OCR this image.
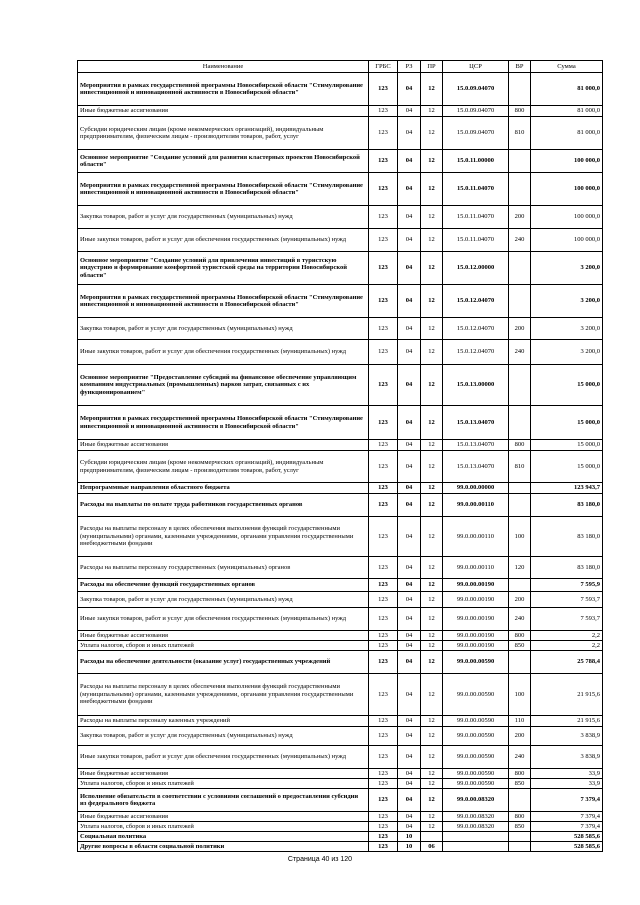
Наименование	ГРБС	РЗ	ПР	ЦСР	ВР	Сумма
Мероприятия в рамках государственной программы Новосибирской области "Стимулирование инвестиционной и инновационной активности в Новосибирской области"	123	04	12	15.0.09.04070		81 000,0
Иные бюджетные ассигнования	123	04	12	15.0.09.04070	800	81 000,0
Субсидии юридическим лицам (кроме некоммерческих организаций), индивидуальным предпринимателям, физическим лицам - производителям товаров, работ, услуг	123	04	12	15.0.09.04070	810	81 000,0
Основное мероприятие "Создание условий для развития кластерных проектов Новосибирской области"	123	04	12	15.0.11.00000		100 000,0
Мероприятия в рамках государственной программы Новосибирской области "Стимулирование инвестиционной и инновационной активности в Новосибирской области"	123	04	12	15.0.11.04070		100 000,0
Закупка товаров, работ и услуг для государственных (муниципальных) нужд	123	04	12	15.0.11.04070	200	100 000,0
Иные закупки товаров, работ и услуг для обеспечения государственных (муниципальных) нужд	123	04	12	15.0.11.04070	240	100 000,0
Основное мероприятие "Создание условий для привлечения инвестиций в туристскую индустрию и формирование комфортной туристской среды на территории Новосибирской области"	123	04	12	15.0.12.00000		3 200,0
Мероприятия в рамках государственной программы Новосибирской области "Стимулирование инвестиционной и инновационной активности в Новосибирской области"	123	04	12	15.0.12.04070		3 200,0
Закупка товаров, работ и услуг для государственных (муниципальных) нужд	123	04	12	15.0.12.04070	200	3 200,0
Иные закупки товаров, работ и услуг для обеспечения государственных (муниципальных) нужд	123	04	12	15.0.12.04070	240	3 200,0
Основное мероприятие "Предоставление субсидий на финансовое обеспечение управляющим компаниям индустриальных (промышленных) парков затрат, связанных с их функционированием"	123	04	12	15.0.13.00000		15 000,0
Мероприятия в рамках государственной программы Новосибирской области "Стимулирование инвестиционной и инновационной активности в Новосибирской области"	123	04	12	15.0.13.04070		15 000,0
Иные бюджетные ассигнования	123	04	12	15.0.13.04070	800	15 000,0
Субсидии юридическим лицам (кроме некоммерческих организаций), индивидуальным предпринимателям, физическим лицам - производителям товаров, работ, услуг	123	04	12	15.0.13.04070	810	15 000,0
Непрограммные направления областного бюджета	123	04	12	99.0.00.00000		123 943,7
Расходы на выплаты по оплате труда работников государственных органов	123	04	12	99.0.00.00110		83 180,0
Расходы на выплаты персоналу в целях обеспечения выполнения функций государственными (муниципальными) органами, казенными учреждениями, органами управления государственными внебюджетными фондами	123	04	12	99.0.00.00110	100	83 180,0
Расходы на выплаты персоналу государственных (муниципальных) органов	123	04	12	99.0.00.00110	120	83 180,0
Расходы на обеспечение функций государственных органов	123	04	12	99.0.00.00190		7 595,9
Закупка товаров, работ и услуг для государственных (муниципальных) нужд	123	04	12	99.0.00.00190	200	7 593,7
Иные закупки товаров, работ и услуг для обеспечения государственных (муниципальных) нужд	123	04	12	99.0.00.00190	240	7 593,7
Иные бюджетные ассигнования	123	04	12	99.0.00.00190	800	2,2
Уплата налогов, сборов и иных платежей	123	04	12	99.0.00.00190	850	2,2
Расходы на обеспечение деятельности (оказание услуг) государственных учреждений	123	04	12	99.0.00.00590		25 788,4
Расходы на выплаты персоналу в целях обеспечения выполнения функций государственными (муниципальными) органами, казенными учреждениями, органами управления государственными внебюджетными фондами	123	04	12	99.0.00.00590	100	21 915,6
Расходы на выплаты персоналу казенных учреждений	123	04	12	99.0.00.00590	110	21 915,6
Закупка товаров, работ и услуг для государственных (муниципальных) нужд	123	04	12	99.0.00.00590	200	3 838,9
Иные закупки товаров, работ и услуг для обеспечения государственных (муниципальных) нужд	123	04	12	99.0.00.00590	240	3 838,9
Иные бюджетные ассигнования	123	04	12	99.0.00.00590	800	33,9
Уплата налогов, сборов и иных платежей	123	04	12	99.0.00.00590	850	33,9
Исполнение обязательств в соответствии с условиями соглашений о предоставлении субсидии из федерального бюджета	123	04	12	99.0.00.08320		7 379,4
Иные бюджетные ассигнования	123	04	12	99.0.00.08320	800	7 379,4
Уплата налогов, сборов и иных платежей	123	04	12	99.0.00.08320	850	7 379,4
Социальная политика	123	10				528 585,6
Другие вопросы в области социальной политики	123	10	06			528 585,6
Страница 40 из 120
